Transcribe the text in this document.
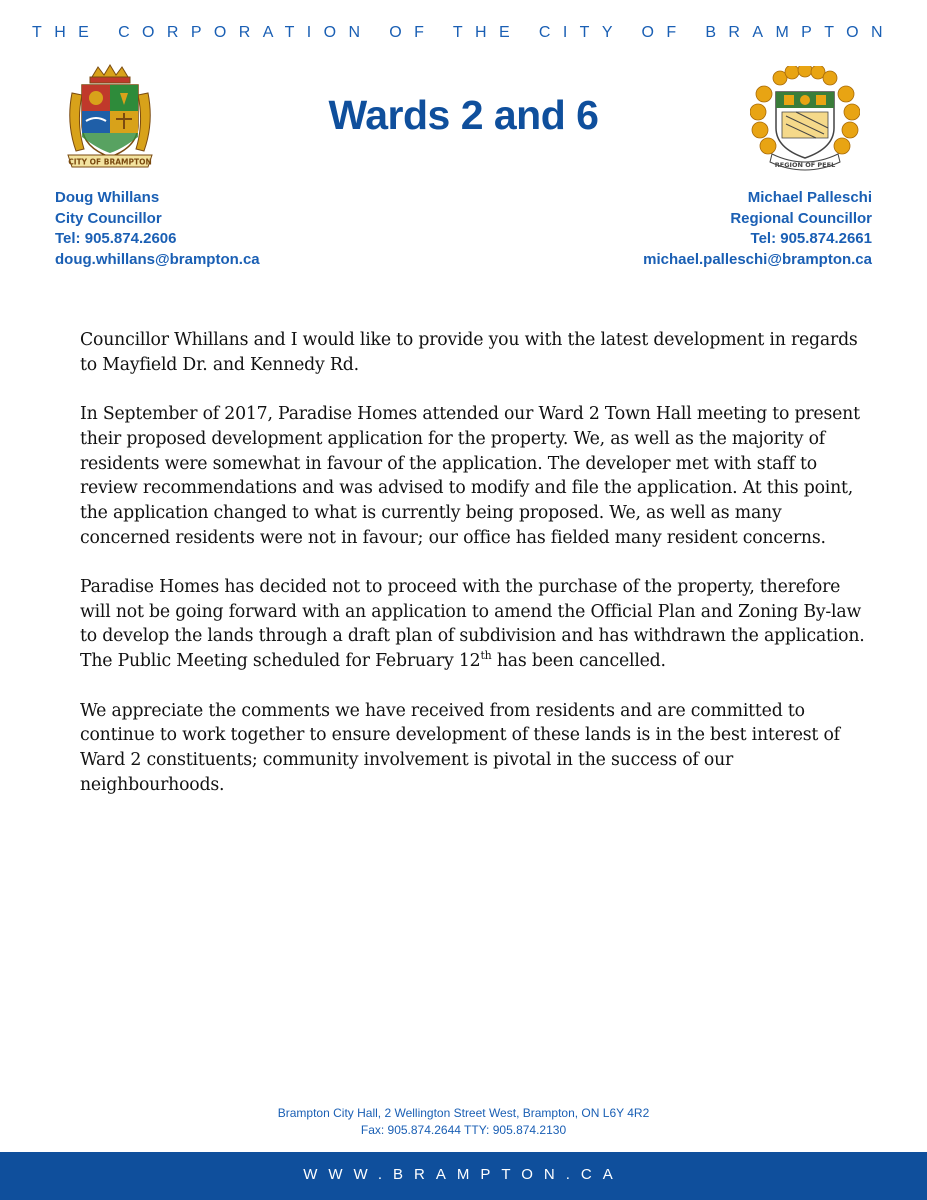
THE CORPORATION OF THE CITY OF BRAMPTON
CITY OF BRAMPTON
Wards 2 and 6
REGION OF PEEL
Doug Whillans
City Councillor
Tel: 905.874.2606
doug.whillans@brampton.ca
Michael Palleschi
Regional Councillor
Tel: 905.874.2661
michael.palleschi@brampton.ca

Councillor Whillans and I would like to provide you with the latest development in regards to Mayfield Dr. and Kennedy Rd.

In September of 2017, Paradise Homes attended our Ward 2 Town Hall meeting to present their proposed development application for the property. We, as well as the majority of residents were somewhat in favour of the application. The developer met with staff to review recommendations and was advised to modify and file the application. At this point, the application changed to what is currently being proposed. We, as well as many concerned residents were not in favour; our office has fielded many resident concerns.

Paradise Homes has decided not to proceed with the purchase of the property, therefore will not be going forward with an application to amend the Official Plan and Zoning By-law to develop the lands through a draft plan of subdivision and has withdrawn the application. The Public Meeting scheduled for February 12th has been cancelled.

We appreciate the comments we have received from residents and are committed to continue to work together to ensure development of these lands is in the best interest of Ward 2 constituents; community involvement is pivotal in the success of our neighbourhoods.

Brampton City Hall, 2 Wellington Street West, Brampton, ON L6Y 4R2
Fax: 905.874.2644 TTY: 905.874.2130
WWW.BRAMPTON.CA
